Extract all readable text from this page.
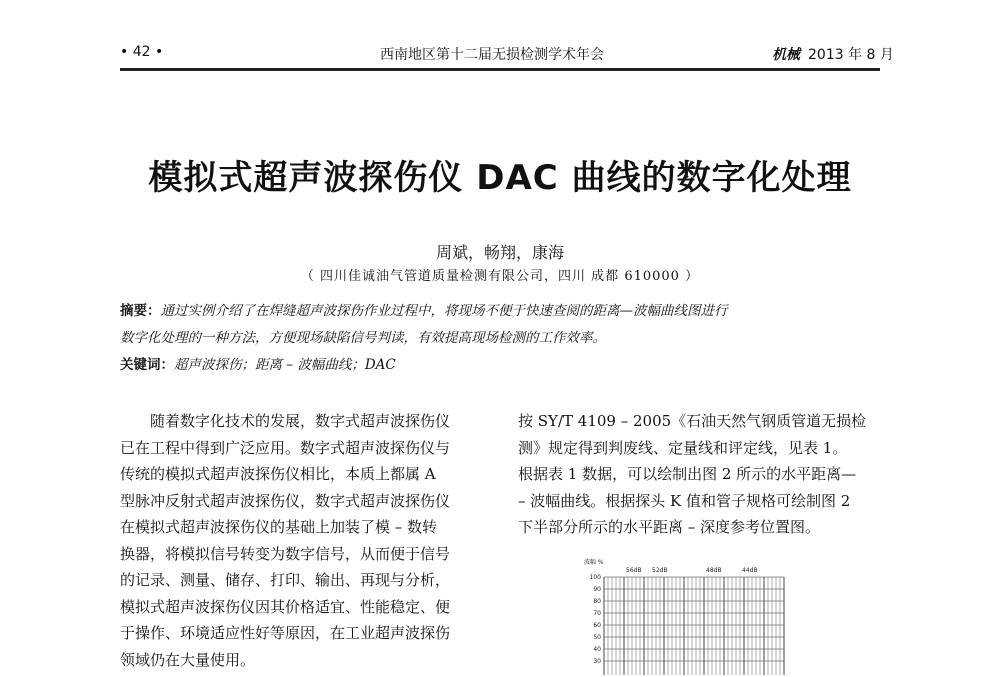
• 42 •	西南地区第十二届无损检测学术年会	机械 2013 年 8 月
模拟式超声波探伤仪 DAC 曲线的数字化处理
周斌，畅翔，康海
（ 四川佳诚油气管道质量检测有限公司，四川 成都 610000 ）
摘要：通过实例介绍了在焊缝超声波探伤作业过程中，将现场不便于快速查阅的距离—波幅曲线图进行
数字化处理的一种方法，方便现场缺陷信号判读，有效提高现场检测的工作效率。
关键词：超声波探伤；距离 – 波幅曲线；DAC
　　随着数字化技术的发展，数字式超声波探伤仪
已在工程中得到广泛应用。数字式超声波探伤仪与
传统的模拟式超声波探伤仪相比，本质上都属 A
型脉冲反射式超声波探伤仪，数字式超声波探伤仪
在模拟式超声波探伤仪的基础上加装了模 – 数转
换器，将模拟信号转变为数字信号，从而便于信号
的记录、测量、储存、打印、输出、再现与分析，
模拟式超声波探伤仪因其价格适宜、性能稳定、便
于操作、环境适应性好等原因，在工业超声波探伤
领域仍在大量使用。
按 SY/T 4109 – 2005《石油天然气钢质管道无损检
测》规定得到判废线、定量线和评定线，见表 1。
根据表 1 数据，可以绘制出图 2 所示的水平距离—
– 波幅曲线。根据探头 K 值和管子规格可绘制图 2
下半部分所示的水平距离 – 深度参考位置图。
波幅 %
100
90
80
70
60
50
40
30
56dB 52dB	48dB	44dB
